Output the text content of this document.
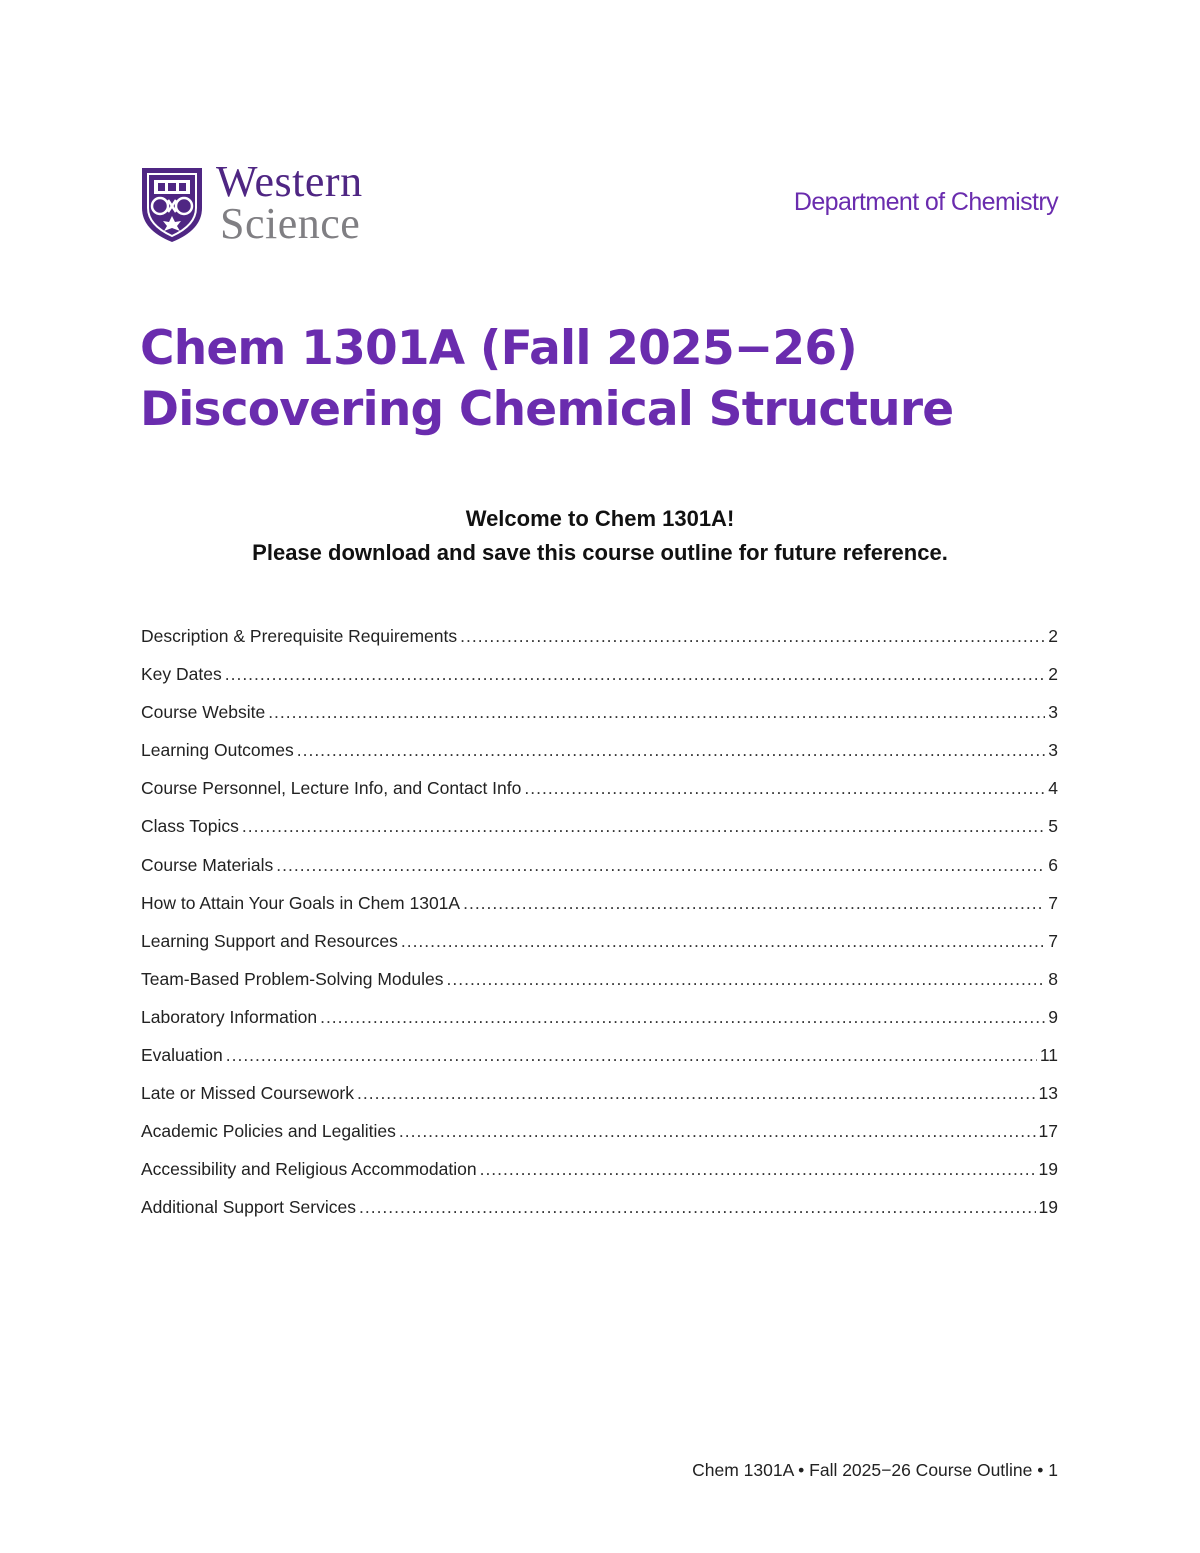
Western
Science	Department of Chemistry
Chem 1301A (Fall 2025−26)
Discovering Chemical Structure
Welcome to Chem 1301A!
Please download and save this course outline for future reference.
Description & Prerequisite Requirements .....	2
Key Dates .....	2
Course Website .....	3
Learning Outcomes .....	3
Course Personnel, Lecture Info, and Contact Info .....	4
Class Topics .....	5
Course Materials .....	6
How to Attain Your Goals in Chem 1301A .....	7
Learning Support and Resources .....	7
Team-Based Problem-Solving Modules .....	8
Laboratory Information .....	9
Evaluation .....	11
Late or Missed Coursework .....	13
Academic Policies and Legalities .....	17
Accessibility and Religious Accommodation .....	19
Additional Support Services .....	19
Chem 1301A • Fall 2025−26 Course Outline • 1
